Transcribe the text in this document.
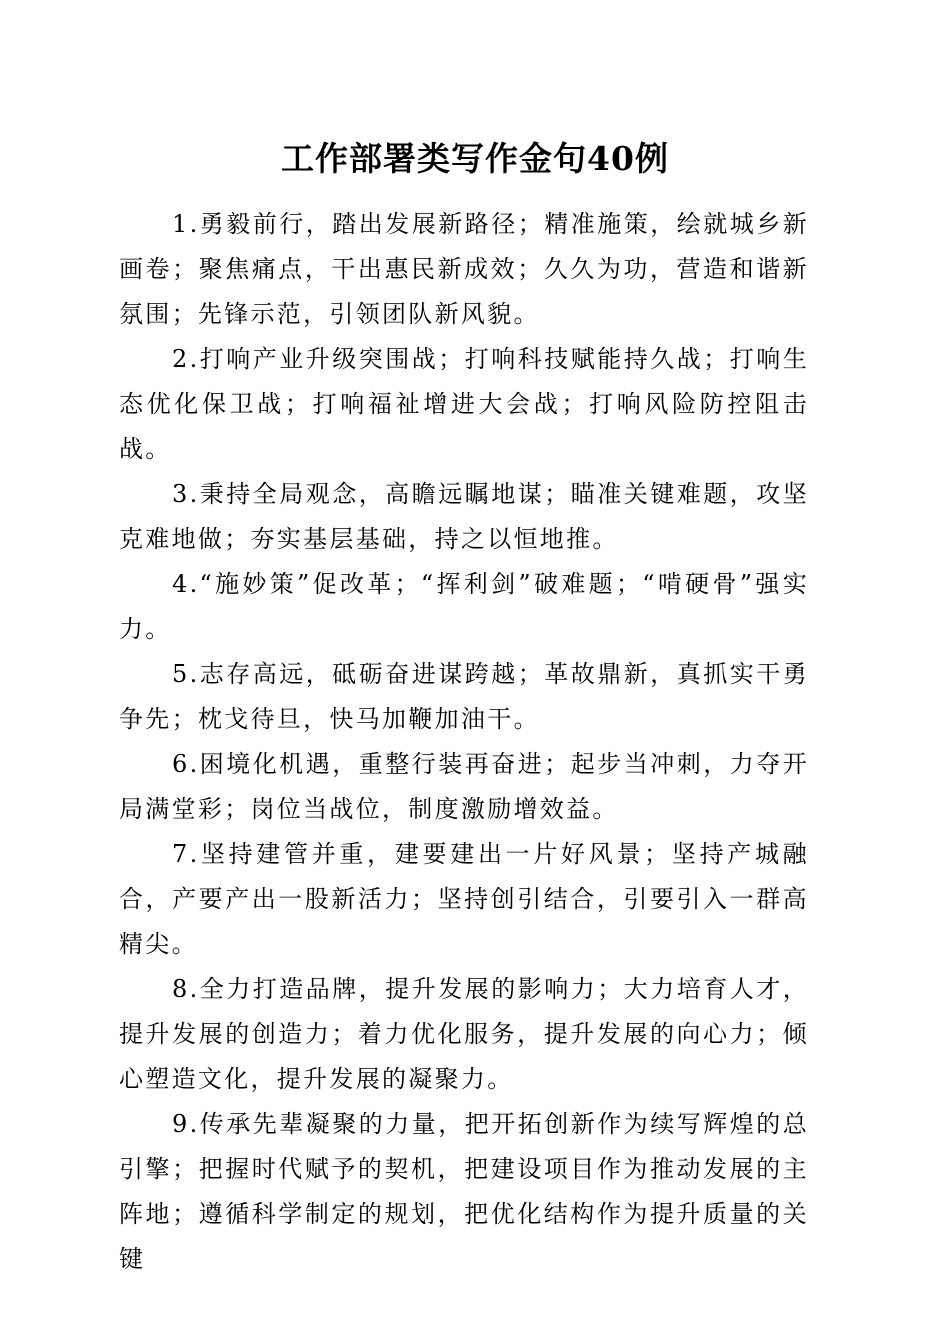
工作部署类写作金句40例

1.勇毅前行，踏出发展新路径；精准施策，绘就城乡新画卷；聚焦痛点，干出惠民新成效；久久为功，营造和谐新氛围；先锋示范，引领团队新风貌。

2.打响产业升级突围战；打响科技赋能持久战；打响生态优化保卫战；打响福祉增进大会战；打响风险防控阻击战。

3.秉持全局观念，高瞻远瞩地谋；瞄准关键难题，攻坚克难地做；夯实基层基础，持之以恒地推。

4.“施妙策”促改革；“挥利剑”破难题；“啃硬骨”强实力。

5.志存高远，砥砺奋进谋跨越；革故鼎新，真抓实干勇争先；枕戈待旦，快马加鞭加油干。

6.困境化机遇，重整行装再奋进；起步当冲刺，力夺开局满堂彩；岗位当战位，制度激励增效益。

7.坚持建管并重，建要建出一片好风景；坚持产城融合，产要产出一股新活力；坚持创引结合，引要引入一群高精尖。

8.全力打造品牌，提升发展的影响力；大力培育人才，提升发展的创造力；着力优化服务，提升发展的向心力；倾心塑造文化，提升发展的凝聚力。

9.传承先辈凝聚的力量，把开拓创新作为续写辉煌的总引擎；把握时代赋予的契机，把建设项目作为推动发展的主阵地；遵循科学制定的规划，把优化结构作为提升质量的关键
